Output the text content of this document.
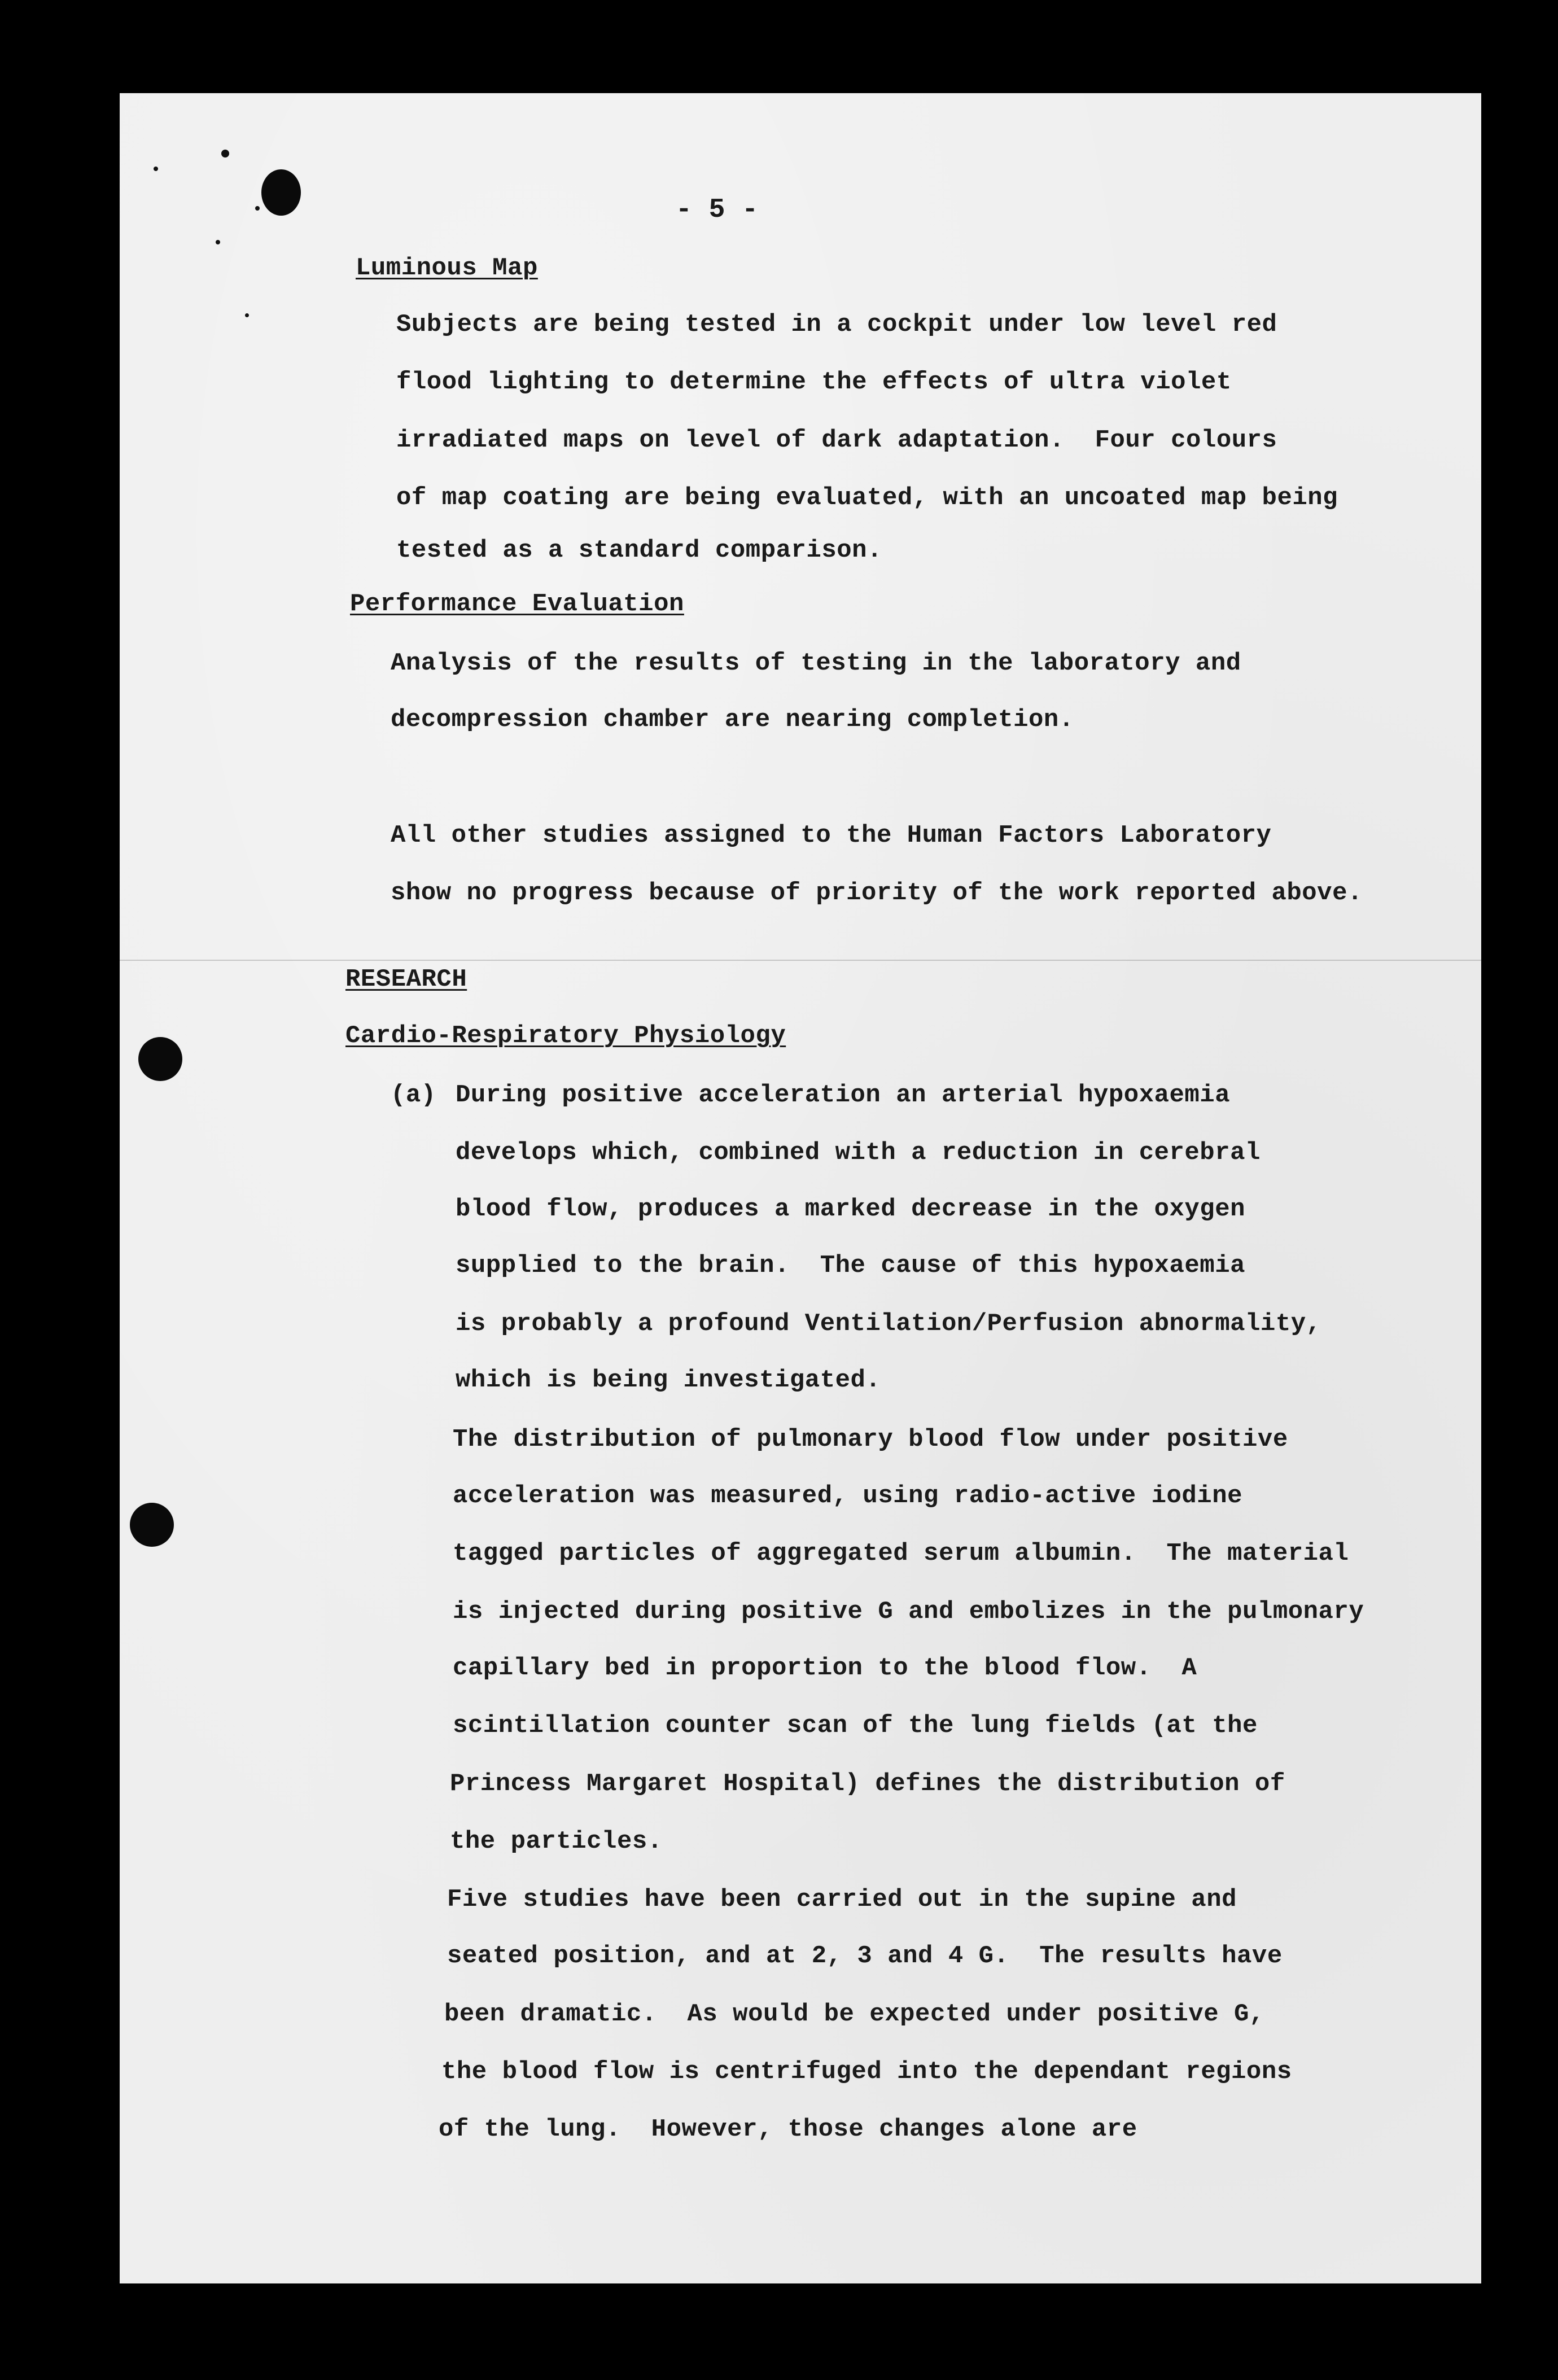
- 5 -

Luminous Map

Subjects are being tested in a cockpit under low level red

flood lighting to determine the effects of ultra violet

irradiated maps on level of dark adaptation.  Four colours

of map coating are being evaluated, with an uncoated map being

tested as a standard comparison.

Performance Evaluation

Analysis of the results of testing in the laboratory and

decompression chamber are nearing completion.

All other studies assigned to the Human Factors Laboratory

show no progress because of priority of the work reported above.

RESEARCH

Cardio-Respiratory Physiology

(a)

During positive acceleration an arterial hypoxaemia

develops which, combined with a reduction in cerebral

blood flow, produces a marked decrease in the oxygen

supplied to the brain.  The cause of this hypoxaemia

is probably a profound Ventilation/Perfusion abnormality,

which is being investigated.

The distribution of pulmonary blood flow under positive

acceleration was measured, using radio-active iodine

tagged particles of aggregated serum albumin.  The material

is injected during positive G and embolizes in the pulmonary

capillary bed in proportion to the blood flow.  A

scintillation counter scan of the lung fields (at the

Princess Margaret Hospital) defines the distribution of

the particles.

Five studies have been carried out in the supine and

seated position, and at 2, 3 and 4 G.  The results have

been dramatic.  As would be expected under positive G,

the blood flow is centrifuged into the dependant regions

of the lung.  However, those changes alone are
